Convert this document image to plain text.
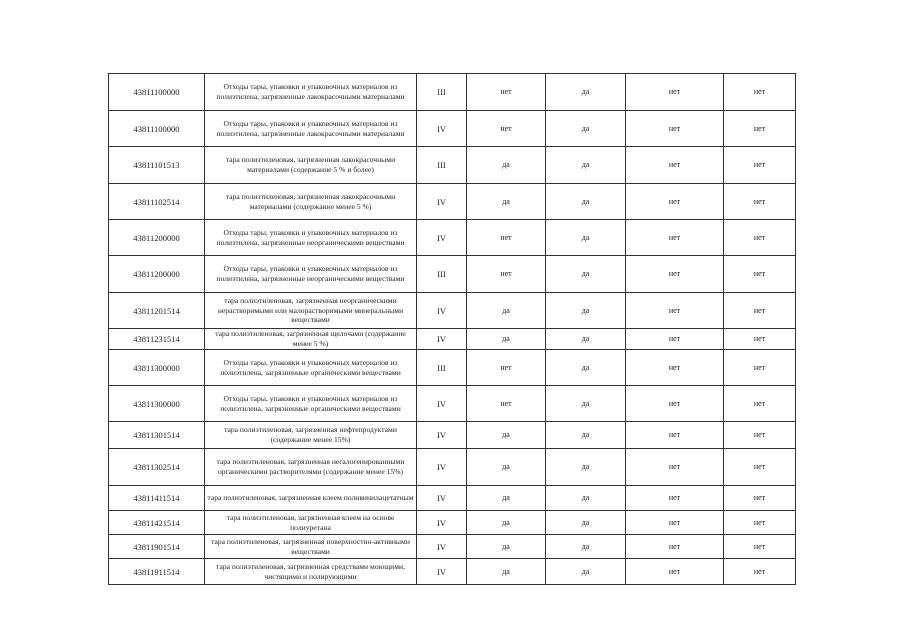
43811100000	Отходы тары, упаковки и упаковочных материалов из полиэтилена, загрязненные лакокрасочными материалами	III	нет	да	нет	нет
43811100000	Отходы тары, упаковки и упаковочных материалов из полиэтилена, загрязненные лакокрасочными материалами	IV	нет	да	нет	нет
43811101513	тара полиэтиленовая, загрязненная лакокрасочными материалами (содержание 5 % и более)	III	да	да	нет	нет
43811102514	тара полиэтиленовая, загрязненная лакокрасочными материалами (содержание менее 5 %)	IV	да	да	нет	нет
43811200000	Отходы тары, упаковки и упаковочных материалов из полиэтилена, загрязненные неорганическими веществами	IV	нет	да	нет	нет
43811200000	Отходы тары, упаковки и упаковочных материалов из полиэтилена, загрязненные неорганическими веществами	III	нет	да	нет	нет
43811201514	тара полиэтиленовая, загрязненная неорганическими нерастворимыми или малорастворимыми минеральными веществами	IV	да	да	нет	нет
43811231514	тара полиэтиленовая, загрязненная щелочами (содержание менее 5 %)	IV	да	да	нет	нет
43811300000	Отходы тары, упаковки и упаковочных материалов из полиэтилена, загрязненные органическими веществами	III	нет	да	нет	нет
43811300000	Отходы тары, упаковки и упаковочных материалов из полиэтилена, загрязненные органическими веществами	IV	нет	да	нет	нет
43811301514	тара полиэтиленовая, загрязненная нефтепродуктами (содержание менее 15%)	IV	да	да	нет	нет
43811302514	тара полиэтиленовая, загрязненная негалогенированными органическими растворителями (содержание менее 15%)	IV	да	да	нет	нет
43811411514	тара полиэтиленовая, загрязненная клеем поливинилацетатным	IV	да	да	нет	нет
43811421514	тара полиэтиленовая, загрязненная клеем на основе полиуретана	IV	да	да	нет	нет
43811901514	тара полиэтиленовая, загрязненная поверхностно-активными веществами	IV	да	да	нет	нет
43811911514	тара полиэтиленовая, загрязненная средствами моющими, чистящими и полирующими	IV	да	да	нет	нет
